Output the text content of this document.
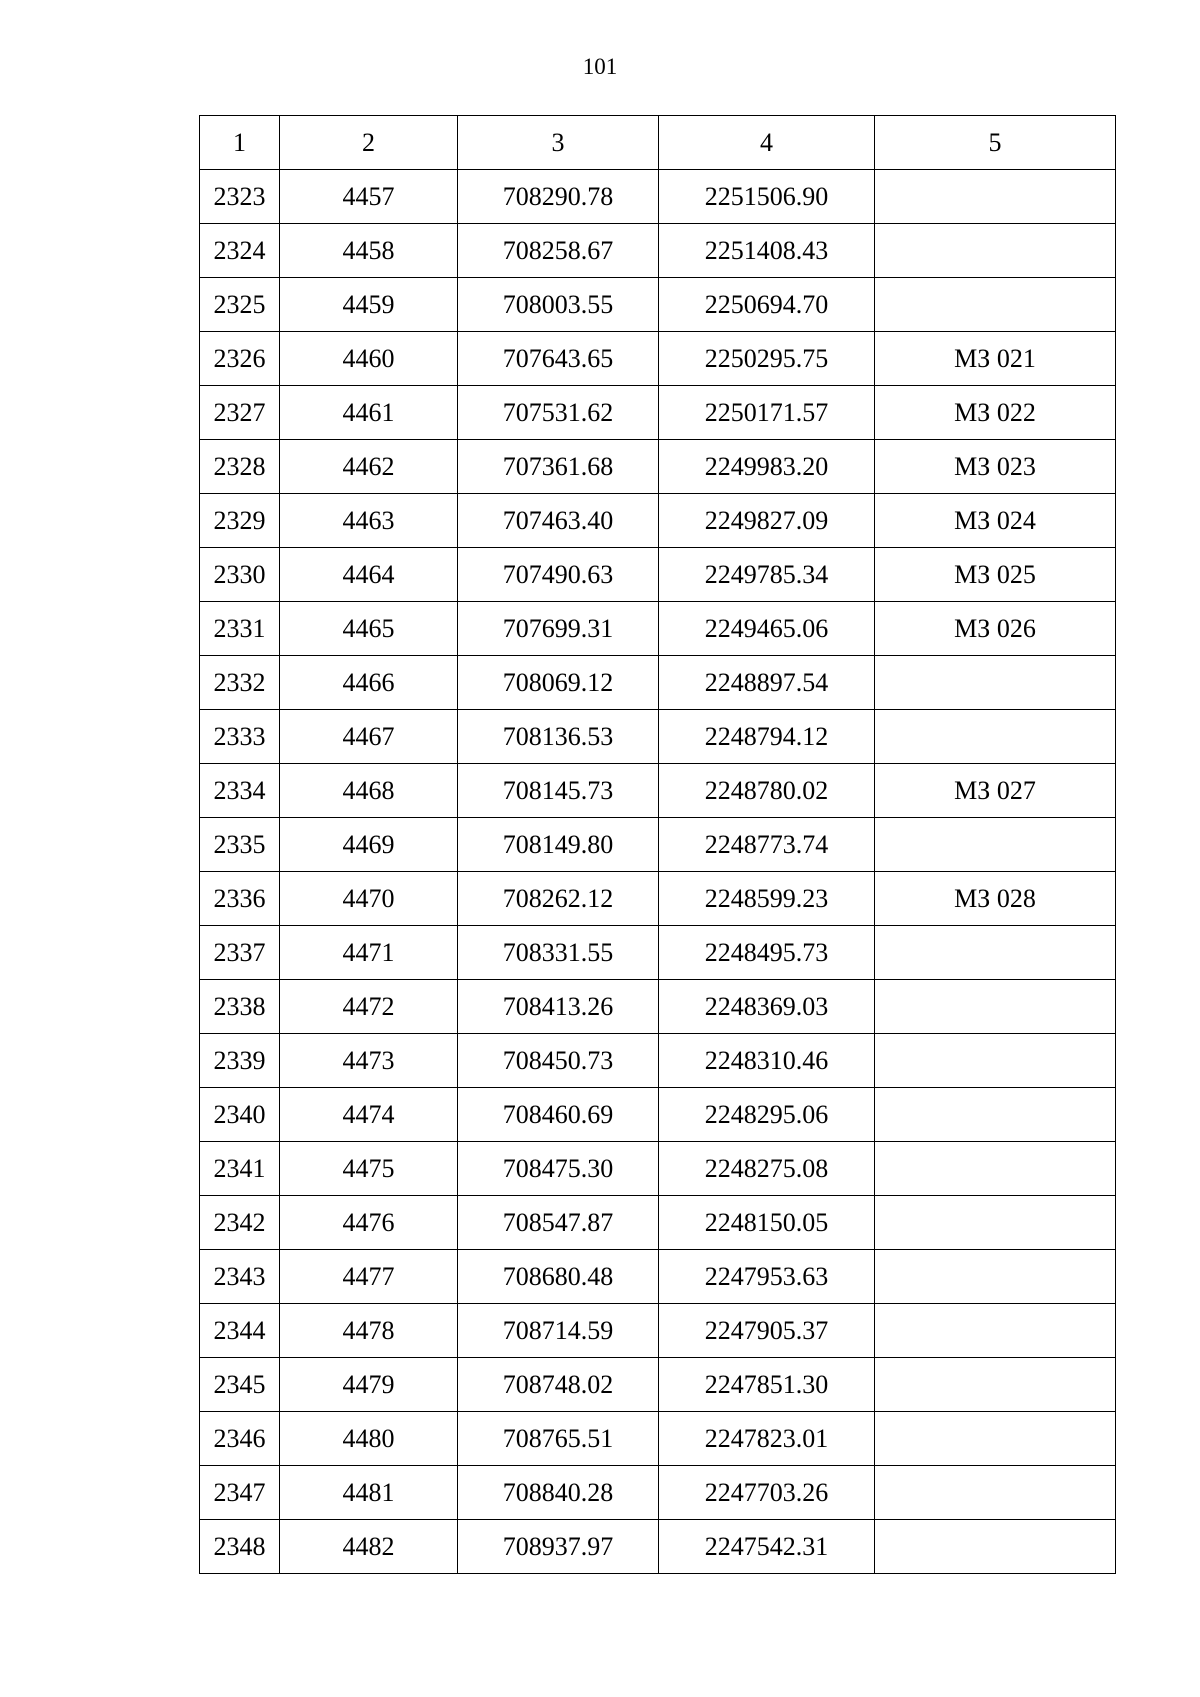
101
1	2	3	4	5
2323	4457	708290.78	2251506.90	
2324	4458	708258.67	2251408.43	
2325	4459	708003.55	2250694.70	
2326	4460	707643.65	2250295.75	МЗ 021
2327	4461	707531.62	2250171.57	МЗ 022
2328	4462	707361.68	2249983.20	МЗ 023
2329	4463	707463.40	2249827.09	МЗ 024
2330	4464	707490.63	2249785.34	МЗ 025
2331	4465	707699.31	2249465.06	МЗ 026
2332	4466	708069.12	2248897.54	
2333	4467	708136.53	2248794.12	
2334	4468	708145.73	2248780.02	МЗ 027
2335	4469	708149.80	2248773.74	
2336	4470	708262.12	2248599.23	МЗ 028
2337	4471	708331.55	2248495.73	
2338	4472	708413.26	2248369.03	
2339	4473	708450.73	2248310.46	
2340	4474	708460.69	2248295.06	
2341	4475	708475.30	2248275.08	
2342	4476	708547.87	2248150.05	
2343	4477	708680.48	2247953.63	
2344	4478	708714.59	2247905.37	
2345	4479	708748.02	2247851.30	
2346	4480	708765.51	2247823.01	
2347	4481	708840.28	2247703.26	
2348	4482	708937.97	2247542.31	
